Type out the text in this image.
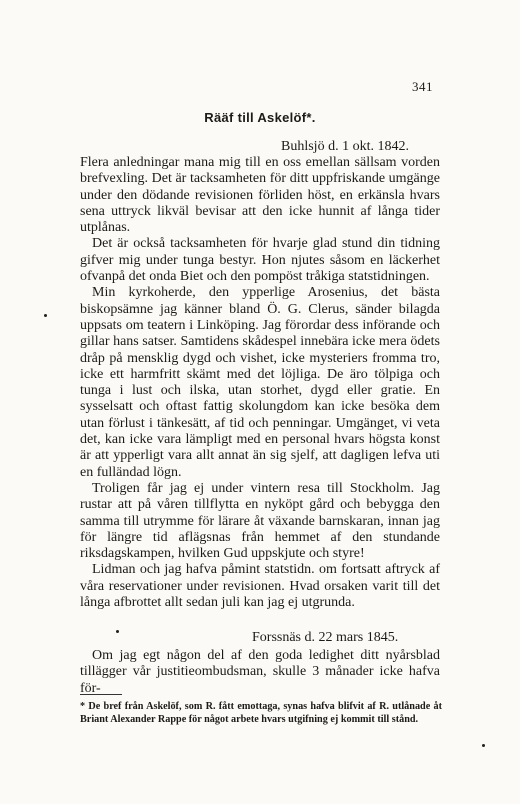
341
Rääf till Askelöf*.
Buhlsjö d. 1 okt. 1842.

Flera anledningar mana mig till en oss emellan sällsam vorden brefvexling. Det är tacksamheten för ditt uppfriskande umgänge under den dödande revisionen förliden höst, en erkänsla hvars sena uttryck likväl bevisar att den icke hunnit af långa tider utplånas.

Det är också tacksamheten för hvarje glad stund din tidning gifver mig under tunga bestyr. Hon njutes såsom en läckerhet ofvanpå det onda Biet och den pompöst tråkiga statstidningen.

Min kyrkoherde, den ypperlige Arosenius, det bästa biskopsämne jag känner bland Ö. G. Clerus, sänder bilagda uppsats om teatern i Linköping. Jag förordar dess införande och gillar hans satser. Samtidens skådespel innebära icke mera ödets dråp på mensklig dygd och vishet, icke mysteriers fromma tro, icke ett harmfritt skämt med det löjliga. De äro tölpiga och tunga i lust och ilska, utan storhet, dygd eller gratie. En sysselsatt och oftast fattig skolungdom kan icke besöka dem utan förlust i tänkesätt, af tid och penningar. Umgänget, vi veta det, kan icke vara lämpligt med en personal hvars högsta konst är att ypperligt vara allt annat än sig sjelf, att dagligen lefva uti en fulländad lögn.

Troligen får jag ej under vintern resa till Stockholm. Jag rustar att på våren tillflytta en nyköpt gård och bebygga den samma till utrymme för lärare åt växande barnskaran, innan jag för längre tid aflägsnas från hemmet af den stundande riksdagskampen, hvilken Gud uppskjute och styre!

Lidman och jag hafva påmint statstidn. om fortsatt aftryck af våra reservationer under revisionen. Hvad orsaken varit till det långa afbrottet allt sedan juli kan jag ej utgrunda.

Forssnäs d. 22 mars 1845.

Om jag egt någon del af den goda ledighet ditt nyårsblad tillägger vår justitieombudsman, skulle 3 månader icke hafva för-

* De bref från Askelöf, som R. fått emottaga, synas hafva blifvit af R. utlånade åt Briant Alexander Rappe för något arbete hvars utgifning ej kommit till stånd.
